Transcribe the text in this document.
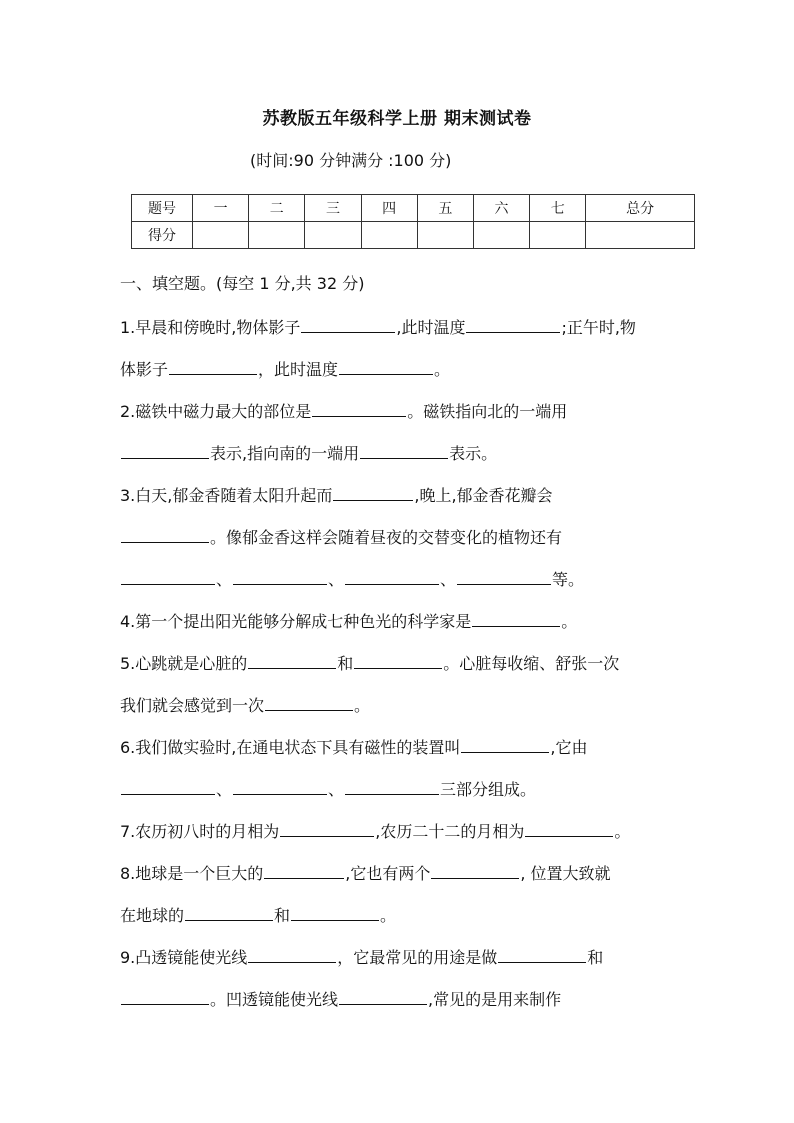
苏教版五年级科学上册 期末测试卷
(时间:90 分钟满分 :100 分)
题号	一	二	三	四	五	六	七	总分
得分								
一、填空题。(每空 1 分,共 32 分)
1.早晨和傍晚时,物体影子	,此时温度	;正午时,物
体影子	，此时温度	。
2.磁铁中磁力最大的部位是	。磁铁指向北的一端用
表示,指向南的一端用	表示。
3.白天,郁金香随着太阳升起而	,晚上,郁金香花瓣会
。像郁金香这样会随着昼夜的交替变化的植物还有
、	、	、	等。
4.第一个提出阳光能够分解成七种色光的科学家是	。
5.心跳就是心脏的	和	。心脏每收缩、舒张一次
我们就会感觉到一次	。
6.我们做实验时,在通电状态下具有磁性的装置叫	,它由
、	、	三部分组成。
7.农历初八时的月相为	,农历二十二的月相为	。
8.地球是一个巨大的	,它也有两个	, 位置大致就
在地球的	和	。
9.凸透镜能使光线	，它最常见的用途是做	和
。凹透镜能使光线	,常见的是用来制作
